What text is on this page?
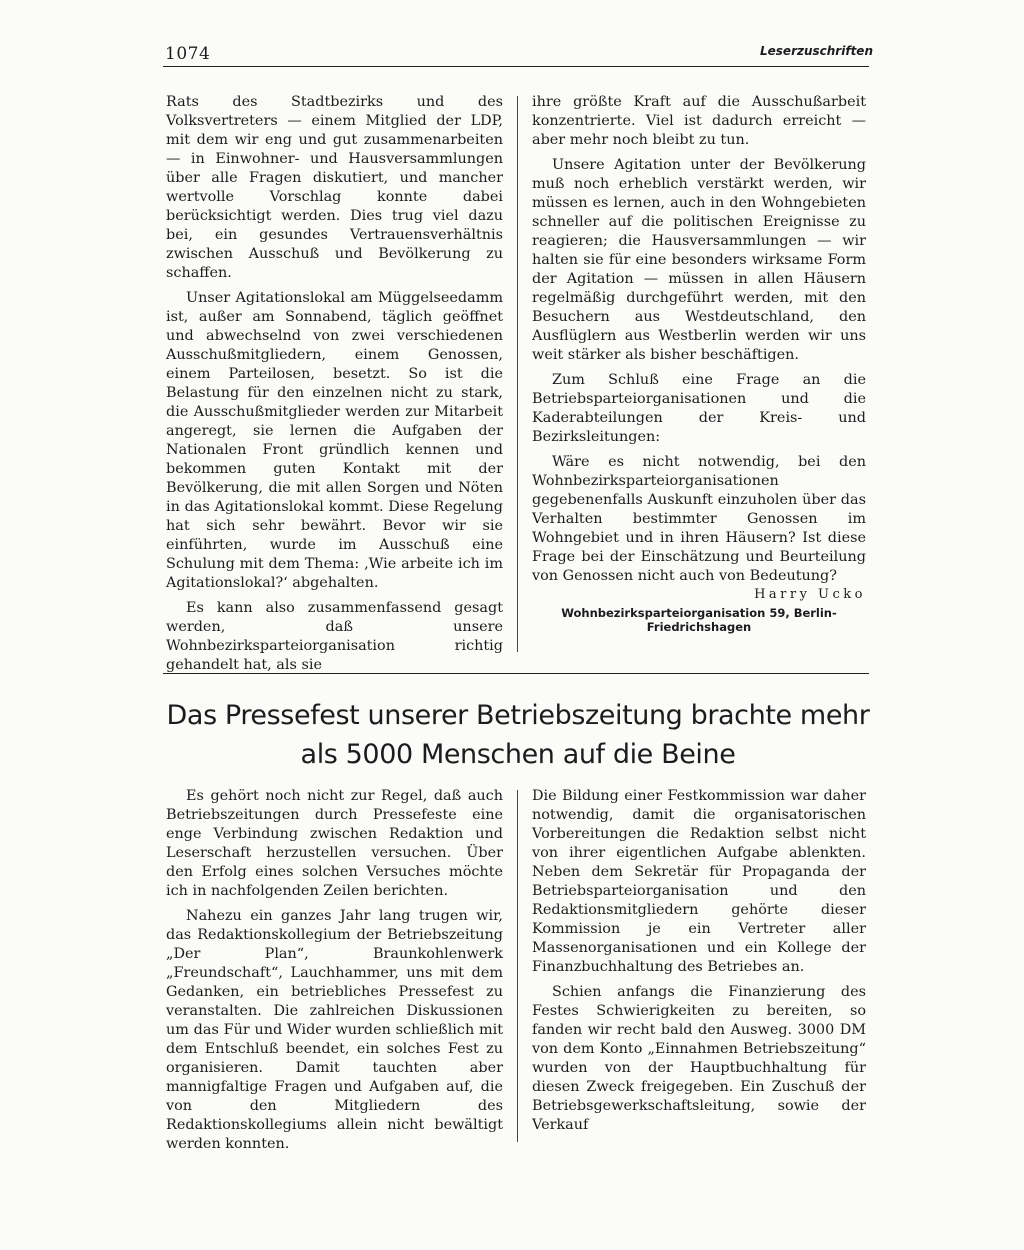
1074	Leserzuschriften

Rats des Stadtbezirks und des Volksvertreters — einem Mitglied der LDP, mit dem wir eng und gut zusammenarbeiten — in Einwohner- und Hausversammlungen über alle Fragen diskutiert, und mancher wertvolle Vorschlag konnte dabei berücksichtigt werden. Dies trug viel dazu bei, ein gesundes Vertrauensverhältnis zwischen Ausschuß und Bevölkerung zu schaffen.

Unser Agitationslokal am Müggelseedamm ist, außer am Sonnabend, täglich geöffnet und abwechselnd von zwei verschiedenen Ausschußmitgliedern, einem Genossen, einem Parteilosen, besetzt. So ist die Belastung für den einzelnen nicht zu stark, die Ausschußmitglieder werden zur Mitarbeit angeregt, sie lernen die Aufgaben der Nationalen Front gründlich kennen und bekommen guten Kontakt mit der Bevölkerung, die mit allen Sorgen und Nöten in das Agitationslokal kommt. Diese Regelung hat sich sehr bewährt. Bevor wir sie einführten, wurde im Ausschuß eine Schulung mit dem Thema: ‚Wie arbeite ich im Agitationslokal?‘ abgehalten.

Es kann also zusammenfassend gesagt werden, daß unsere Wohnbezirksparteiorganisation richtig gehandelt hat, als sie

ihre größte Kraft auf die Ausschußarbeit konzentrierte. Viel ist dadurch erreicht — aber mehr noch bleibt zu tun.

Unsere Agitation unter der Bevölkerung muß noch erheblich verstärkt werden, wir müssen es lernen, auch in den Wohngebieten schneller auf die politischen Ereignisse zu reagieren; die Hausversammlungen — wir halten sie für eine besonders wirksame Form der Agitation — müssen in allen Häusern regelmäßig durchgeführt werden, mit den Besuchern aus Westdeutschland, den Ausflüglern aus Westberlin werden wir uns weit stärker als bisher beschäftigen.

Zum Schluß eine Frage an die Betriebsparteiorganisationen und die Kaderabteilungen der Kreis- und Bezirksleitungen:

Wäre es nicht notwendig, bei den Wohnbezirksparteiorganisationen gegebenenfalls Auskunft einzuholen über das Verhalten bestimmter Genossen im Wohngebiet und in ihren Häusern? Ist diese Frage bei der Einschätzung und Beurteilung von Genossen nicht auch von Bedeutung?

Harry Ucko
Wohnbezirksparteiorganisation 59, Berlin-Friedrichshagen
Das Pressefest unserer Betriebszeitung brachte mehr als 5000 Menschen auf die Beine

Es gehört noch nicht zur Regel, daß auch Betriebszeitungen durch Pressefeste eine enge Verbindung zwischen Redaktion und Leserschaft herzustellen versuchen. Über den Erfolg eines solchen Versuches möchte ich in nachfolgenden Zeilen berichten.

Nahezu ein ganzes Jahr lang trugen wir, das Redaktionskollegium der Betriebszeitung „Der Plan“, Braunkohlenwerk „Freundschaft“, Lauchhammer, uns mit dem Gedanken, ein betriebliches Pressefest zu veranstalten. Die zahlreichen Diskussionen um das Für und Wider wurden schließlich mit dem Entschluß beendet, ein solches Fest zu organisieren. Damit tauchten aber mannigfaltige Fragen und Aufgaben auf, die von den Mitgliedern des Redaktionskollegiums allein nicht bewältigt werden konnten.

Die Bildung einer Festkommission war daher notwendig, damit die organisatorischen Vorbereitungen die Redaktion selbst nicht von ihrer eigentlichen Aufgabe ablenkten. Neben dem Sekretär für Propaganda der Betriebsparteiorganisation und den Redaktionsmitgliedern gehörte dieser Kommission je ein Vertreter aller Massenorganisationen und ein Kollege der Finanzbuchhaltung des Betriebes an.

Schien anfangs die Finanzierung des Festes Schwierigkeiten zu bereiten, so fanden wir recht bald den Ausweg. 3000 DM von dem Konto „Einnahmen Betriebszeitung“ wurden von der Hauptbuchhaltung für diesen Zweck freigegeben. Ein Zuschuß der Betriebsgewerkschaftsleitung, sowie der Verkauf
